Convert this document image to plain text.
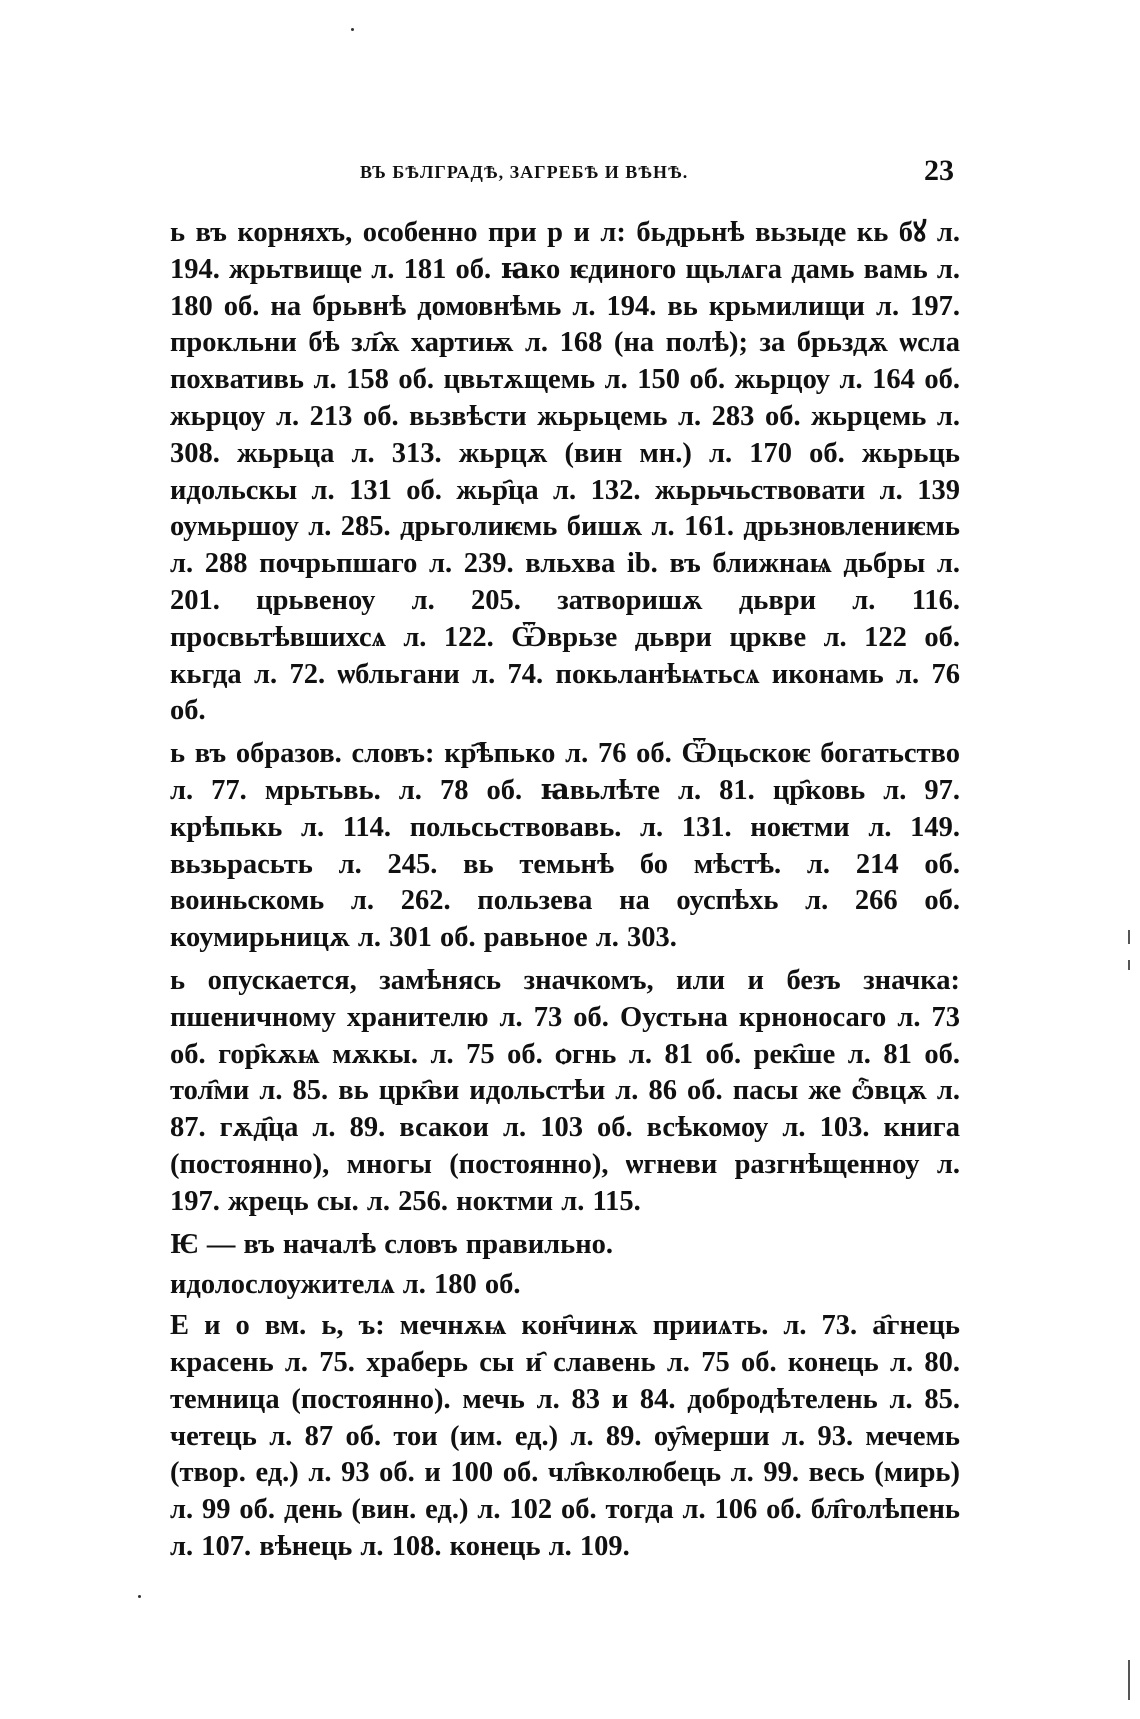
ВЪ БѢЛГРАДѢ, ЗАГРЕБѢ И ВѢНѢ.	23

ь въ корняхъ, особенно при р и л: бьдрьнѣ вьзыде кь бꙋ л. 194. жрьтвище л. 181 об. ꙗко ѥдиного щьлѧга дамь вамь л. 180 об. на брьвнѣ домовнѣмь л. 194. вь крьмилищи л. 197. прокльни бѣ зл҄ѫ хартиѭ л. 168 (на полѣ); за брьздѫ ѡсла похвативь л. 158 об. цвьтѫщемь л. 150 об. жьрцоу л. 164 об. жьрцоу л. 213 об. вьзвѣсти жьрьцемь л. 283 об. жьрцемь л. 308. жьрьца л. 313. жьрцѫ (вин мн.) л. 170 об. жьрьць идольскы л. 131 об. жьр҄ца л. 132. жьрьчьствовати л. 139 оумьршоу л. 285. дрьголиѥмь бишѫ л. 161. дрьзновлениѥмь л. 288 почрьпшаго л. 239. вльхва ib. въ ближнаѩ дьбры л. 201. црьвеноу л. 205. затворишѫ дьври л. 116. просвьтѣвшихсѧ л. 122. Ѿврьзе дьври цркве л. 122 об. кьгда л. 72. ѡбльгани л. 74. покьланѣѩтьсѧ иконамь л. 76 об.

ь въ образов. словъ: кр҄ѣпько л. 76 об. Ѿцьскоѥ богатьство л. 77. мрьтьвь. л. 78 об. ꙗвьлѣте л. 81. цр҄ковь л. 97. крѣпькь л. 114. польсьствовавь. л. 131. ноѥтми л. 149. вьзьрасьть л. 245. вь темьнѣ бо мѣстѣ. л. 214 об. воиньскомь л. 262. пользева на оуспѣхь л. 266 об. коумирьницѫ л. 301 об. равьное л. 303.

ь опускается, замѣнясь значкомъ, или и безъ значка: пшеничному хранителю л. 73 об. Оустьна крноносаго л. 73 об. гор҄кѫѩ мѫкы. л. 75 об. ѻгнь л. 81 об. рек҄ше л. 81 об. тол҄ми л. 85. вь црк҄ви идольстѣи л. 86 об. пасы же ѽвцѫ л. 87. гѫд҄ца л. 89. всакои л. 103 об. всѣкомоу л. 103. книга (постоянно), многы (постоянно), ѡгневи разгнѣщенноу л. 197. жрець сы. л. 256. ноктми л. 115.

Ѥ — въ началѣ словъ правильно.

идолослоужителѧ л. 180 об.

Е и о вм. ь, ъ: мечнѫѩ кон҄чинѫ прииѧть. л. 73. а҄гнець красень л. 75. храберь сы и҄ славень л. 75 об. конець л. 80. темница (постоянно). мечь л. 83 и 84. добродѣтелень л. 85. четець л. 87 об. тои (им. ед.) л. 89. оу҄мерши л. 93. мечемь (твор. ед.) л. 93 об. и 100 об. чл҄вколюбець л. 99. весь (мирь) л. 99 об. день (вин. ед.) л. 102 об. тогда л. 106 об. бл҄голѣпень л. 107. вѣнець л. 108. конець л. 109.
